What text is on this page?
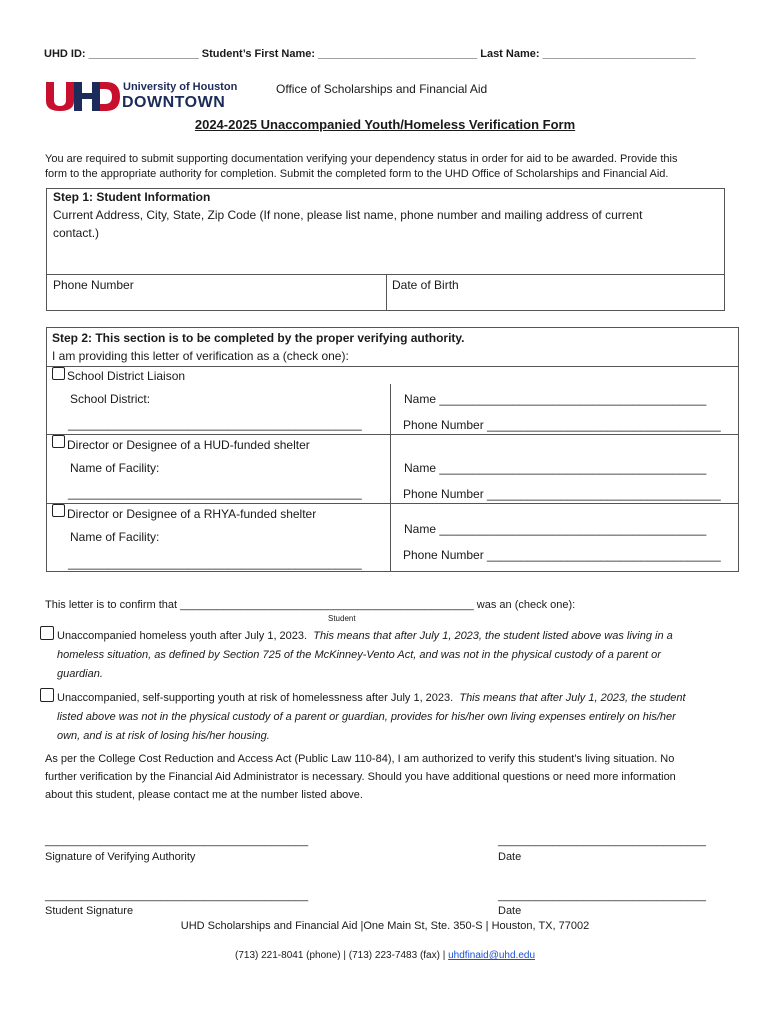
UHD ID: __________________ Student’s First Name: __________________________ Last Name: _________________________
University of Houston
DOWNTOWN
Office of Scholarships and Financial Aid
2024-2025 Unaccompanied Youth/Homeless Verification Form
You are required to submit supporting documentation verifying your dependency status in order for aid to be awarded. Provide this
form to the appropriate authority for completion. Submit the completed form to the UHD Office of Scholarships and Financial Aid.
Step 1: Student Information
Current Address, City, State, Zip Code (If none, please list name, phone number and mailing address of current
contact.)
Phone Number	Date of Birth
Step 2: This section is to be completed by the proper verifying authority.
I am providing this letter of verification as a (check one):
School District Liaison
School District:
____________________________________________
Name ________________________________________
Phone Number ___________________________________
Director or Designee of a HUD-funded shelter
Name of Facility:
____________________________________________
Name ________________________________________
Phone Number ___________________________________
Director or Designee of a RHYA-funded shelter
Name of Facility:
____________________________________________
Name ________________________________________
Phone Number ___________________________________
This letter is to confirm that ________________________________________________ was an (check one):
Student
Unaccompanied homeless youth after July 1, 2023. This means that after July 1, 2023, the student listed above was living in a
homeless situation, as defined by Section 725 of the McKinney-Vento Act, and was not in the physical custody of a parent or
guardian.
Unaccompanied, self-supporting youth at risk of homelessness after July 1, 2023. This means that after July 1, 2023, the student
listed above was not in the physical custody of a parent or guardian, provides for his/her own living expenses entirely on his/her
own, and is at risk of losing his/her housing.
As per the College Cost Reduction and Access Act (Public Law 110-84), I am authorized to verify this student’s living situation. No
further verification by the Financial Aid Administrator is necessary. Should you have additional questions or need more information
about this student, please contact me at the number listed above.
___________________________________________	__________________________________
Signature of Verifying Authority	Date
___________________________________________	__________________________________
Student Signature	Date
UHD Scholarships and Financial Aid |One Main St, Ste. 350-S | Houston, TX, 77002
(713) 221-8041 (phone) | (713) 223-7483 (fax) | uhdfinaid@uhd.edu
